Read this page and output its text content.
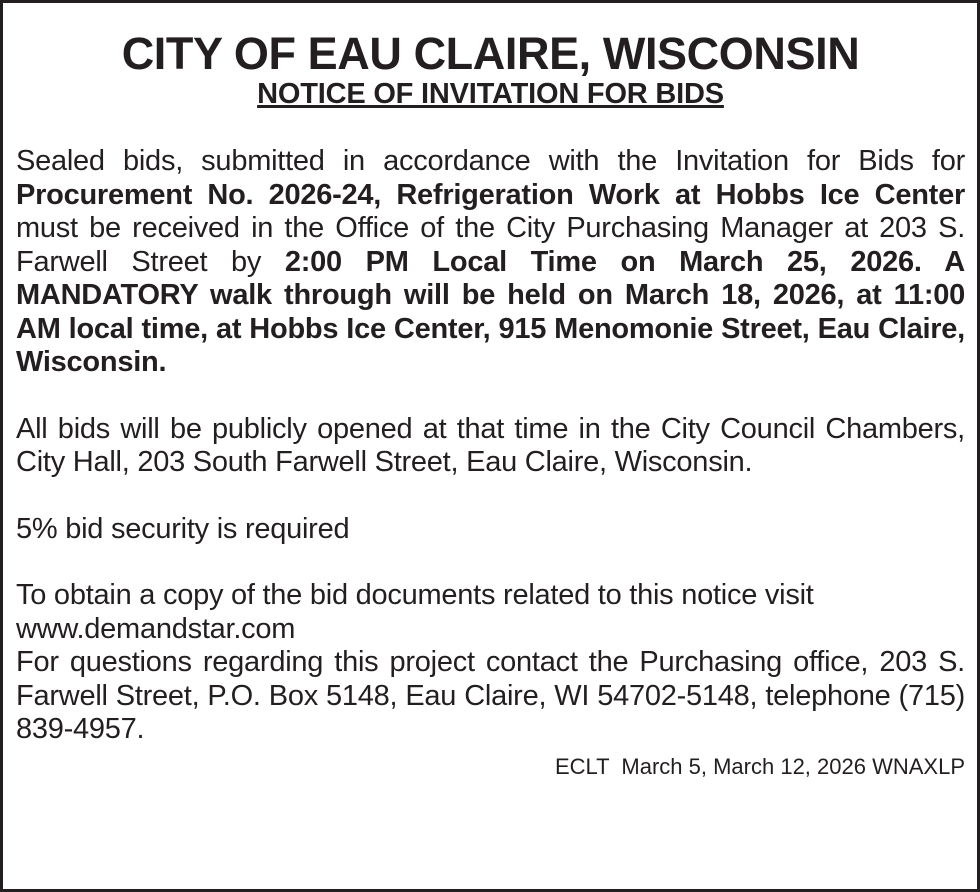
CITY OF EAU CLAIRE, WISCONSIN
NOTICE OF INVITATION FOR BIDS

Sealed bids, submitted in accordance with the Invitation for Bids for Procurement No. 2026-24, Refrigeration Work at Hobbs Ice Center must be received in the Office of the City Purchasing Manager at 203 S. Farwell Street by 2:00 PM Local Time on March 25, 2026. A MANDATORY walk through will be held on March 18, 2026, at 11:00 AM local time, at Hobbs Ice Center, 915 Menomonie Street, Eau Claire, Wisconsin.

All bids will be publicly opened at that time in the City Council Chambers, City Hall, 203 South Farwell Street, Eau Claire, Wisconsin.

5% bid security is required

To obtain a copy of the bid documents related to this notice visit
www.demandstar.com

For questions regarding this project contact the Purchasing office, 203 S. Farwell Street, P.O. Box 5148, Eau Claire, WI 54702-5148, telephone (715) 839-4957.

ECLT  March 5, March 12, 2026 WNAXLP
